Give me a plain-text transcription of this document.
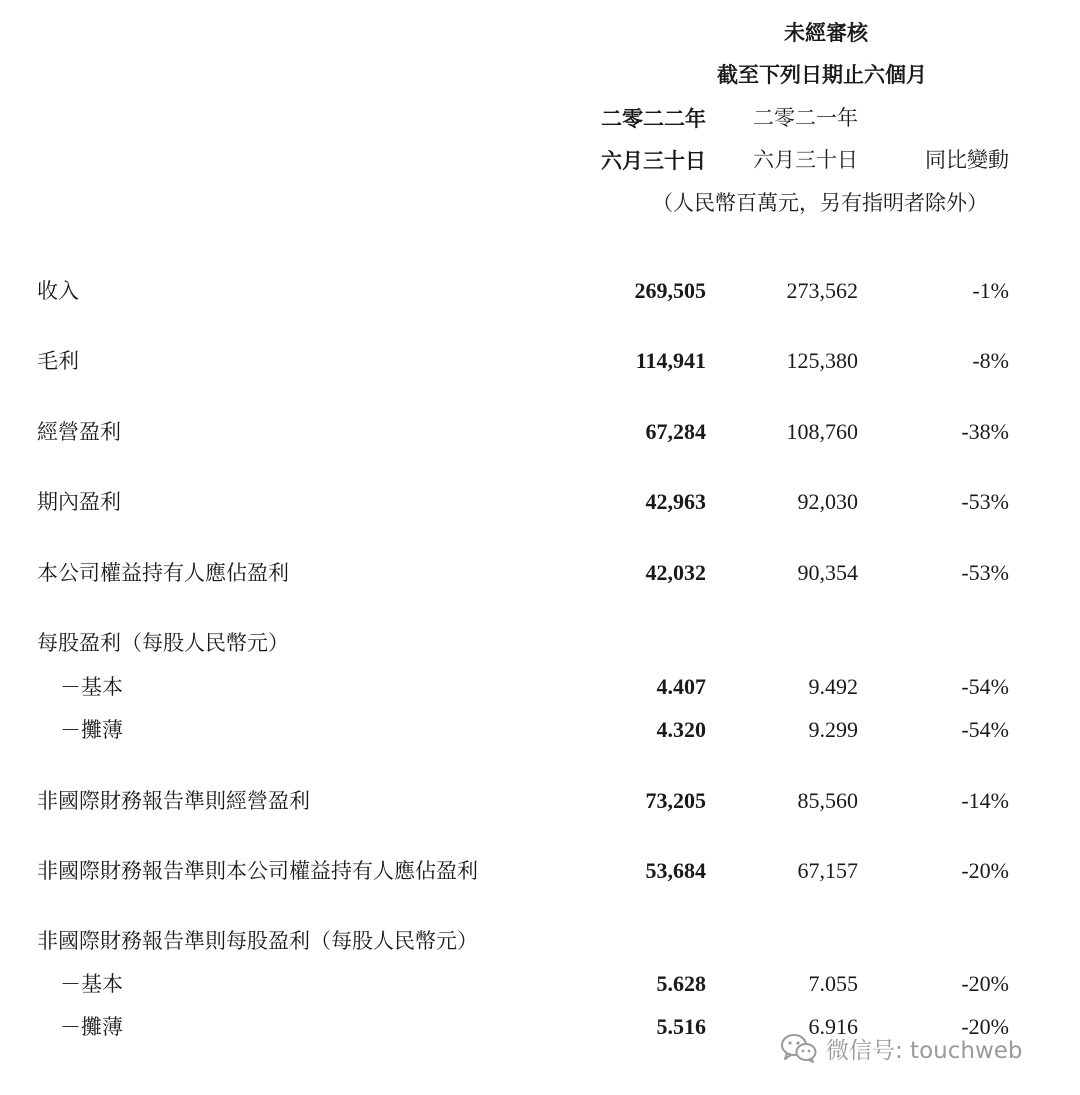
未經審核
截至下列日期止六個月
二零二二年 二零二一年
六月三十日 六月三十日	同比變動
（人民幣百萬元，另有指明者除外）
收入	269,505	273,562	-1%
毛利	114,941	125,380	-8%
經營盈利	67,284	108,760	-38%
期內盈利	42,963	92,030	-53%
本公司權益持有人應佔盈利	42,032	90,354	-53%
每股盈利（每股人民幣元）
－基本	4.407	9.492	-54%
－攤薄	4.320	9.299	-54%
非國際財務報告準則經營盈利	73,205	85,560	-14%
非國際財務報告準則本公司權益持有人應佔盈利	53,684	67,157	-20%
非國際財務報告準則每股盈利（每股人民幣元）
－基本	5.628	7.055	-20%
－攤薄	5.516	6.916	-20%
微信号: touchweb
